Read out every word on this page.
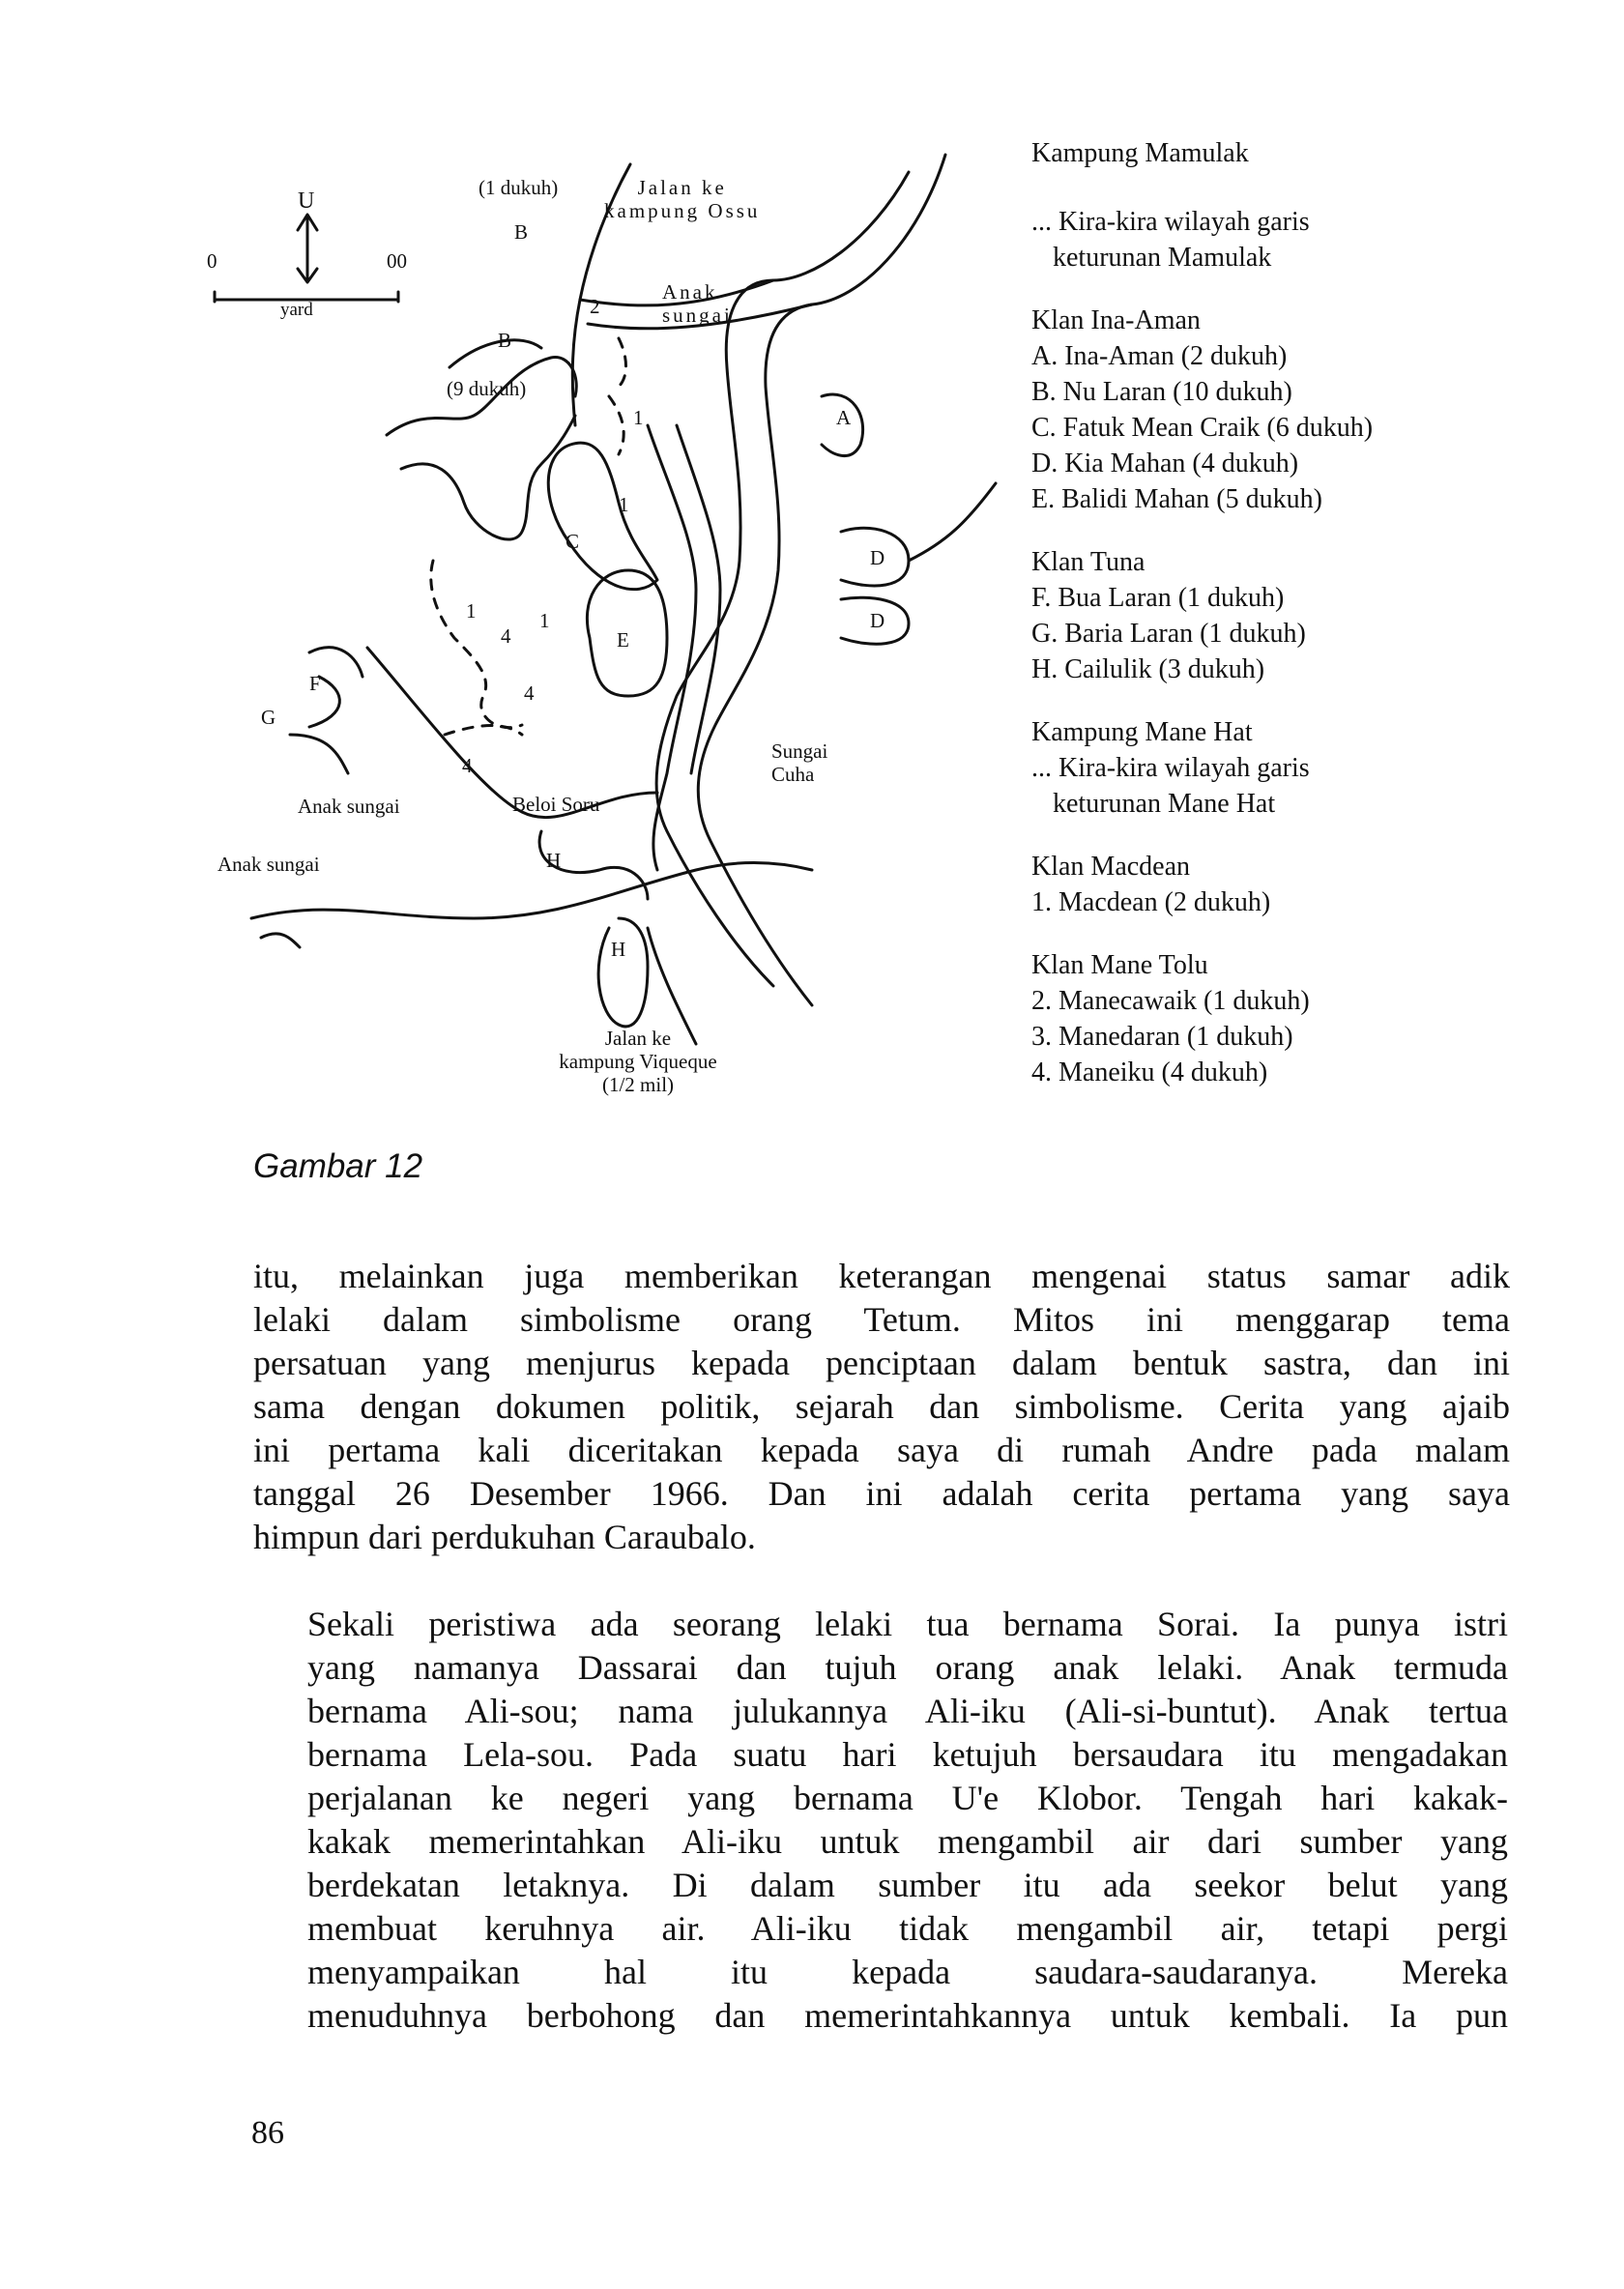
U
0	00
yard
(1 dukuh)
B
Jalan ke
kampung Ossu
Anak
sungai
B
(9 dukuh)
A
C
D
D
E
F
G
H
H
2
1
1
1
4
4
4
1
Sungai
Cuha
Anak sungai
Anak sungai
Beloi Soru
Jalan ke
kampung Viqueque
(1/2 mil)
Kampung Mamulak
... Kira-kira wilayah garis
keturunan Mamulak
Klan Ina-Aman
A. Ina-Aman (2 dukuh)
B. Nu Laran (10 dukuh)
C. Fatuk Mean Craik (6 dukuh)
D. Kia Mahan (4 dukuh)
E. Balidi Mahan (5 dukuh)
Klan Tuna
F. Bua Laran (1 dukuh)
G. Baria Laran (1 dukuh)
H. Cailulik (3 dukuh)
Kampung Mane Hat
... Kira-kira wilayah garis
keturunan Mane Hat
Klan Macdean
1. Macdean (2 dukuh)
Klan Mane Tolu
2. Manecawaik (1 dukuh)
3. Manedaran (1 dukuh)
4. Maneiku (4 dukuh)
Gambar 12
itu, melainkan juga memberikan keterangan mengenai status samar adik
lelaki dalam simbolisme orang Tetum. Mitos ini menggarap tema
persatuan yang menjurus kepada penciptaan dalam bentuk sastra, dan ini
sama dengan dokumen politik, sejarah dan simbolisme. Cerita yang ajaib
ini pertama kali diceritakan kepada saya di rumah Andre pada malam
tanggal 26 Desember 1966. Dan ini adalah cerita pertama yang saya
himpun dari perdukuhan Caraubalo.
Sekali peristiwa ada seorang lelaki tua bernama Sorai. Ia punya istri
yang namanya Dassarai dan tujuh orang anak lelaki. Anak termuda
bernama Ali-sou; nama julukannya Ali-iku (Ali-si-buntut). Anak tertua
bernama Lela-sou. Pada suatu hari ketujuh bersaudara itu mengadakan
perjalanan ke negeri yang bernama U'e Klobor. Tengah hari kakak-
kakak memerintahkan Ali-iku untuk mengambil air dari sumber yang
berdekatan letaknya. Di dalam sumber itu ada seekor belut yang
membuat keruhnya air. Ali-iku tidak mengambil air, tetapi pergi
menyampaikan hal itu kepada saudara-saudaranya. Mereka
menuduhnya berbohong dan memerintahkannya untuk kembali. Ia pun
86
